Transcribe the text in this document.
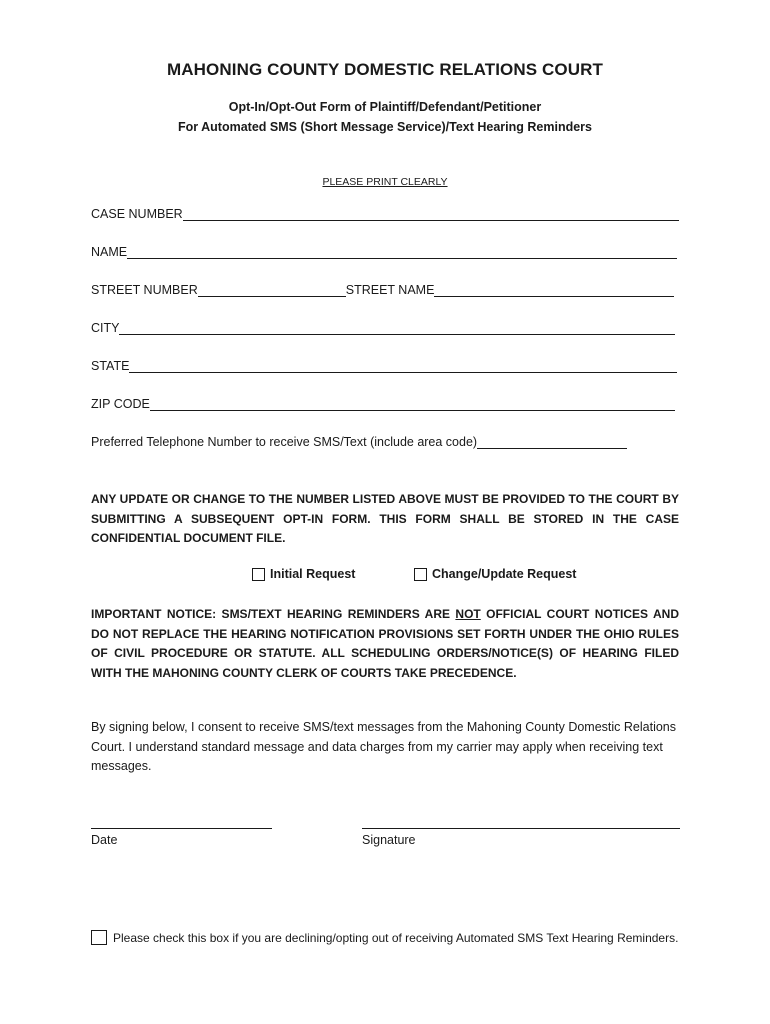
MAHONING COUNTY DOMESTIC RELATIONS COURT
Opt-In/Opt-Out Form of Plaintiff/Defendant/Petitioner
For Automated SMS (Short Message Service)/Text Hearing Reminders
PLEASE PRINT CLEARLY
CASE NUMBER
NAME
STREET NUMBER	STREET NAME
CITY
STATE
ZIP CODE
Preferred Telephone Number to receive SMS/Text (include area code)
ANY UPDATE OR CHANGE TO THE NUMBER LISTED ABOVE MUST BE PROVIDED TO THE COURT BY SUBMITTING A SUBSEQUENT OPT-IN FORM. THIS FORM SHALL BE STORED IN THE CASE CONFIDENTIAL DOCUMENT FILE.
Initial Request	Change/Update Request
IMPORTANT NOTICE: SMS/TEXT HEARING REMINDERS ARE NOT OFFICIAL COURT NOTICES AND DO NOT REPLACE THE HEARING NOTIFICATION PROVISIONS SET FORTH UNDER THE OHIO RULES OF CIVIL PROCEDURE OR STATUTE. ALL SCHEDULING ORDERS/NOTICE(S) OF HEARING FILED WITH THE MAHONING COUNTY CLERK OF COURTS TAKE PRECEDENCE.
By signing below, I consent to receive SMS/text messages from the Mahoning County Domestic Relations Court. I understand standard message and data charges from my carrier may apply when receiving text messages.
Date	Signature
Please check this box if you are declining/opting out of receiving Automated SMS Text Hearing Reminders.
